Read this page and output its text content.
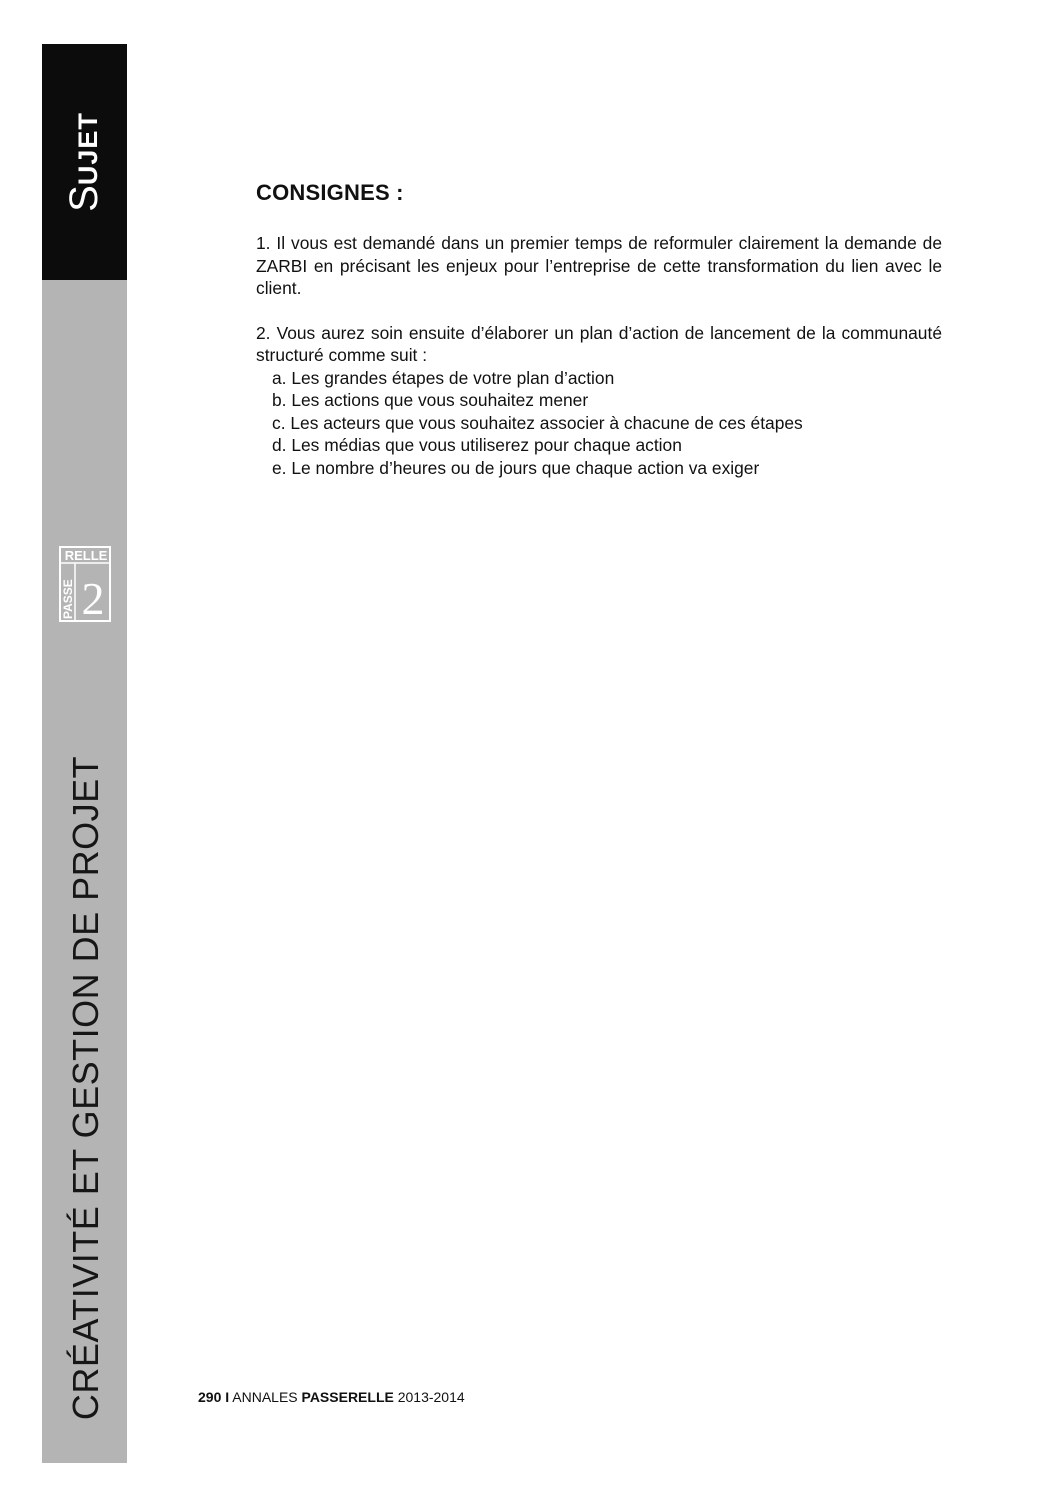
SUJET
RELLE
PASSE 2
CRÉATIVITÉ ET GESTION DE PROJET
CONSIGNES :

1. Il vous est demandé dans un premier temps de reformuler clairement la demande de ZARBI en précisant les enjeux pour l’entreprise de cette transformation du lien avec le client.

2. Vous aurez soin ensuite d’élaborer un plan d’action de lancement de la communauté structuré comme suit :

a. Les grandes étapes de votre plan d’action
b. Les actions que vous souhaitez mener
c. Les acteurs que vous souhaitez associer à chacune de ces étapes
d. Les médias que vous utiliserez pour chaque action
e. Le nombre d’heures ou de jours que chaque action va exiger
290 I ANNALES PASSERELLE 2013-2014
